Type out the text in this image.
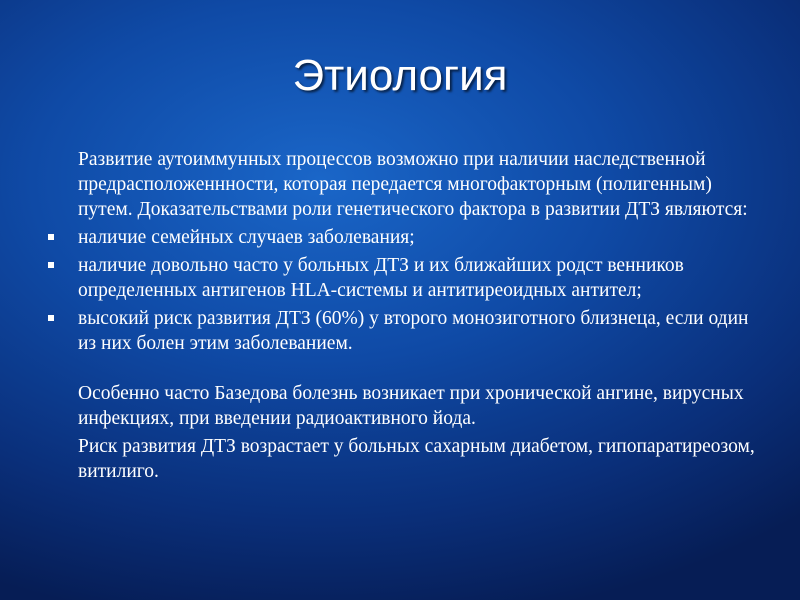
Этиология

Развитие аутоиммунных процессов возможно при наличии наследственной предрасположеннности, которая передается многофакторным (полигенным) путем. Доказательствами роли генетического фактора в развитии ДТЗ являются:

наличие семейных случаев заболевания;
наличие довольно часто у больных ДТЗ и их ближайших родст венников определенных антигенов HLA-системы и антитиреоидных антител;
высокий риск развития ДТЗ (60%) у второго монозиготного близнеца, если один из них болен этим заболеванием.

Особенно часто Базедова болезнь возникает при хронической ангине, вирусных инфекциях, при введении радиоактивного йода.

Риск развития ДТЗ возрастает у больных сахарным диабетом, гипопаратиреозом, витилиго.
